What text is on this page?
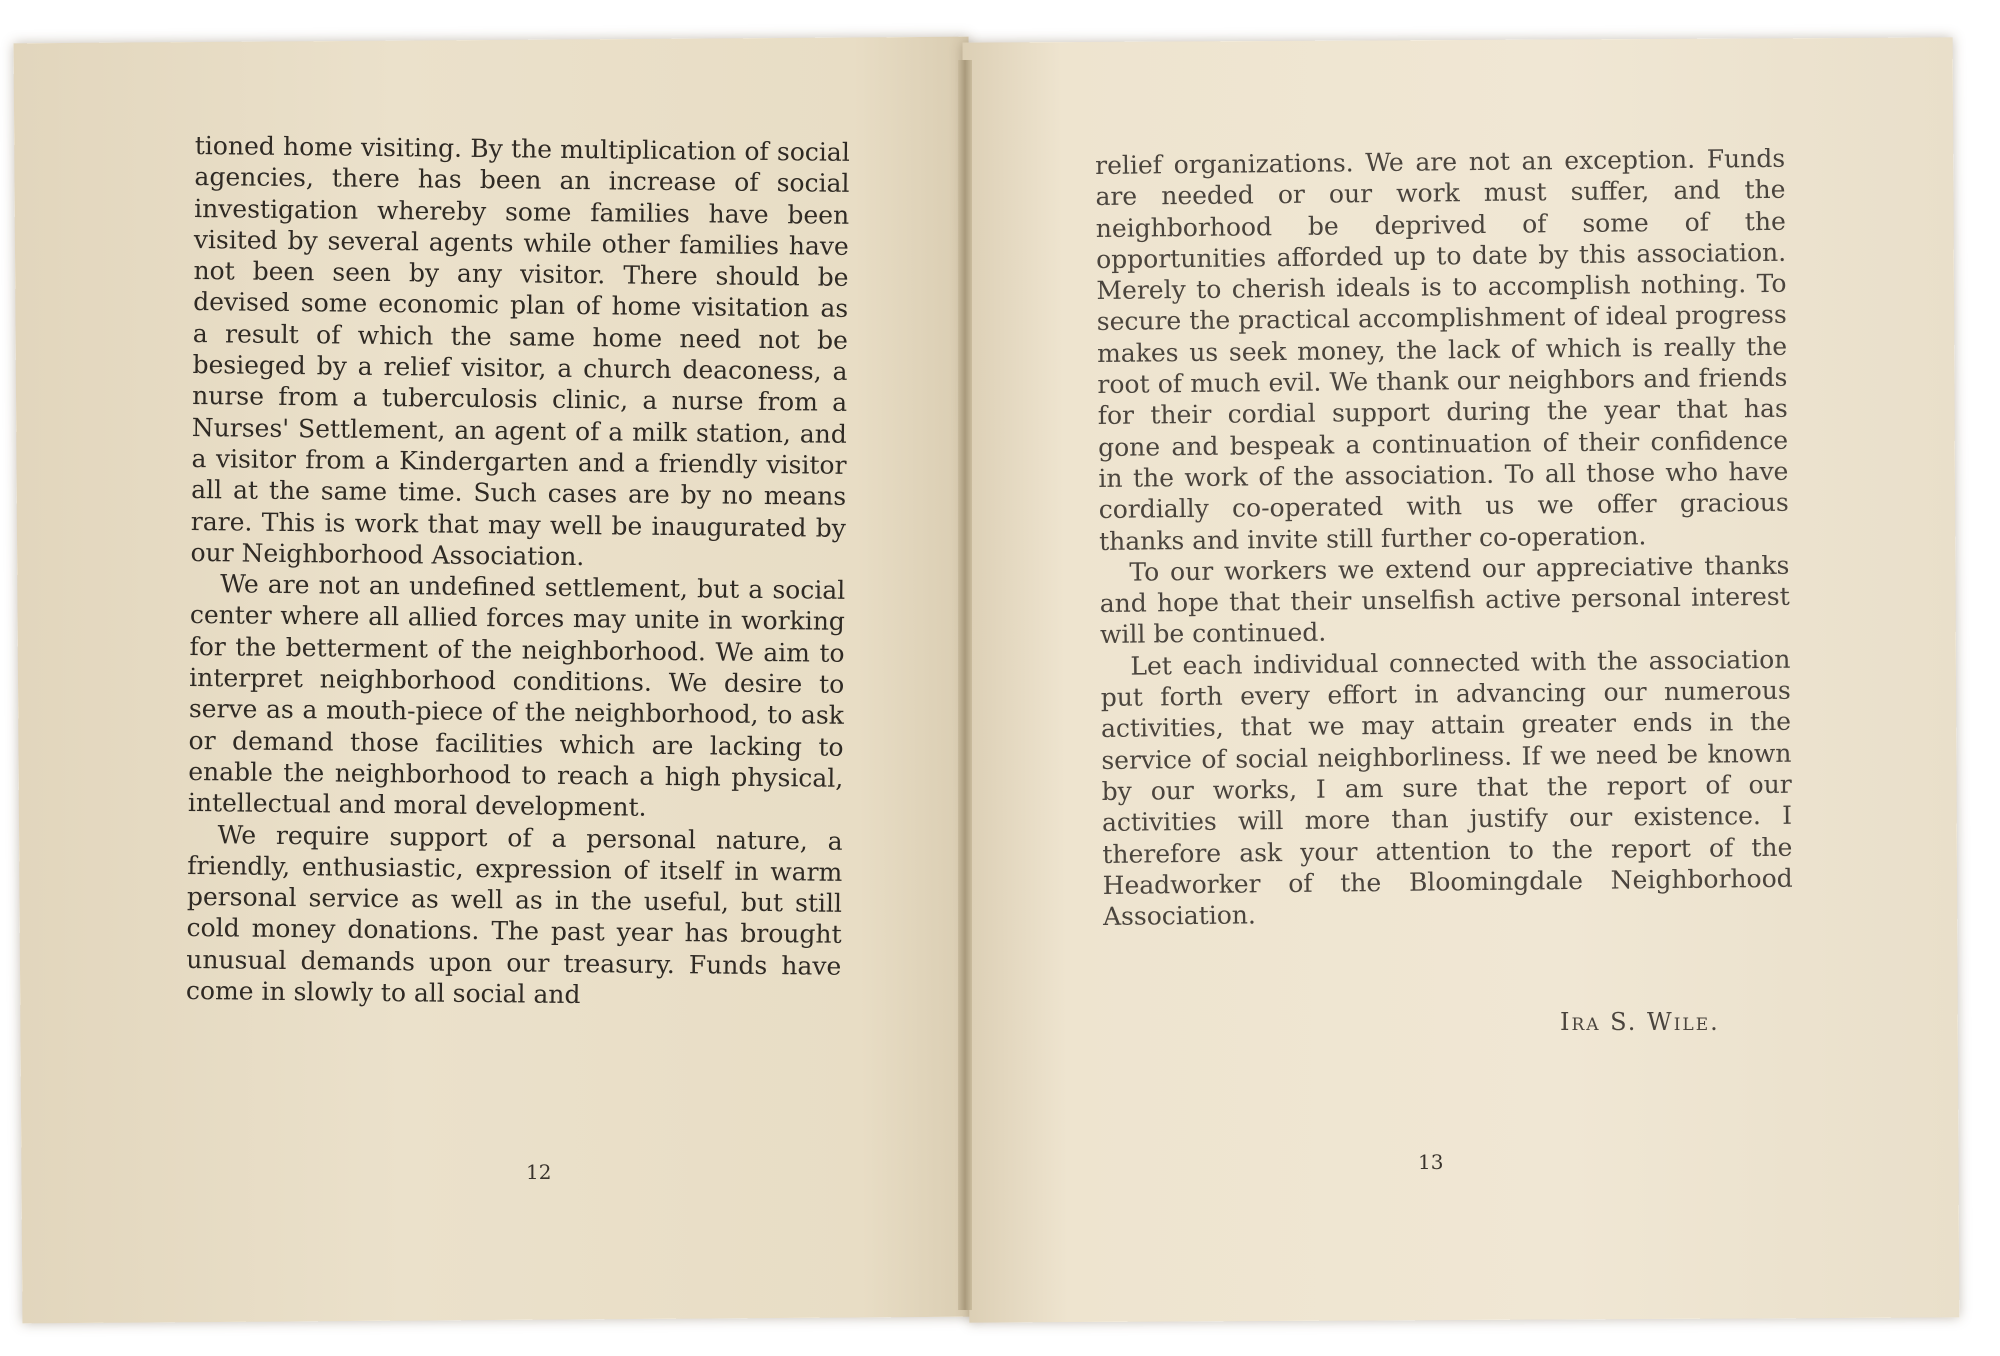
tioned home visiting. By the multiplication of social agencies, there has been an increase of social investigation whereby some families have been visited by several agents while other families have not been seen by any visitor. There should be devised some economic plan of home visitation as a result of which the same home need not be besieged by a relief visitor, a church deaconess, a nurse from a tuberculosis clinic, a nurse from a Nurses' Settlement, an agent of a milk station, and a visitor from a Kindergarten and a friendly visitor all at the same time. Such cases are by no means rare. This is work that may well be inaugurated by our Neighborhood Association.

We are not an undefined settlement, but a social center where all allied forces may unite in working for the betterment of the neighborhood. We aim to interpret neighborhood conditions. We desire to serve as a mouth-piece of the neighborhood, to ask or demand those facilities which are lacking to enable the neighborhood to reach a high physical, intellectual and moral development.

We require support of a personal nature, a friendly, enthusiastic, expression of itself in warm personal service as well as in the useful, but still cold money donations. The past year has brought unusual demands upon our treasury. Funds have come in slowly to all social and

12

relief organizations. We are not an exception. Funds are needed or our work must suffer, and the neighborhood be deprived of some of the opportunities afforded up to date by this association. Merely to cherish ideals is to accomplish nothing. To secure the practical accomplishment of ideal progress makes us seek money, the lack of which is really the root of much evil. We thank our neighbors and friends for their cordial support during the year that has gone and bespeak a continuation of their confidence in the work of the association. To all those who have cordially co-operated with us we offer gracious thanks and invite still further co-operation.

To our workers we extend our appreciative thanks and hope that their unselfish active personal interest will be continued.

Let each individual connected with the association put forth every effort in advancing our numerous activities, that we may attain greater ends in the service of social neighborliness. If we need be known by our works, I am sure that the report of our activities will more than justify our existence. I therefore ask your attention to the report of the Headworker of the Bloomingdale Neighborhood Association.

Ira S. Wile.
13
